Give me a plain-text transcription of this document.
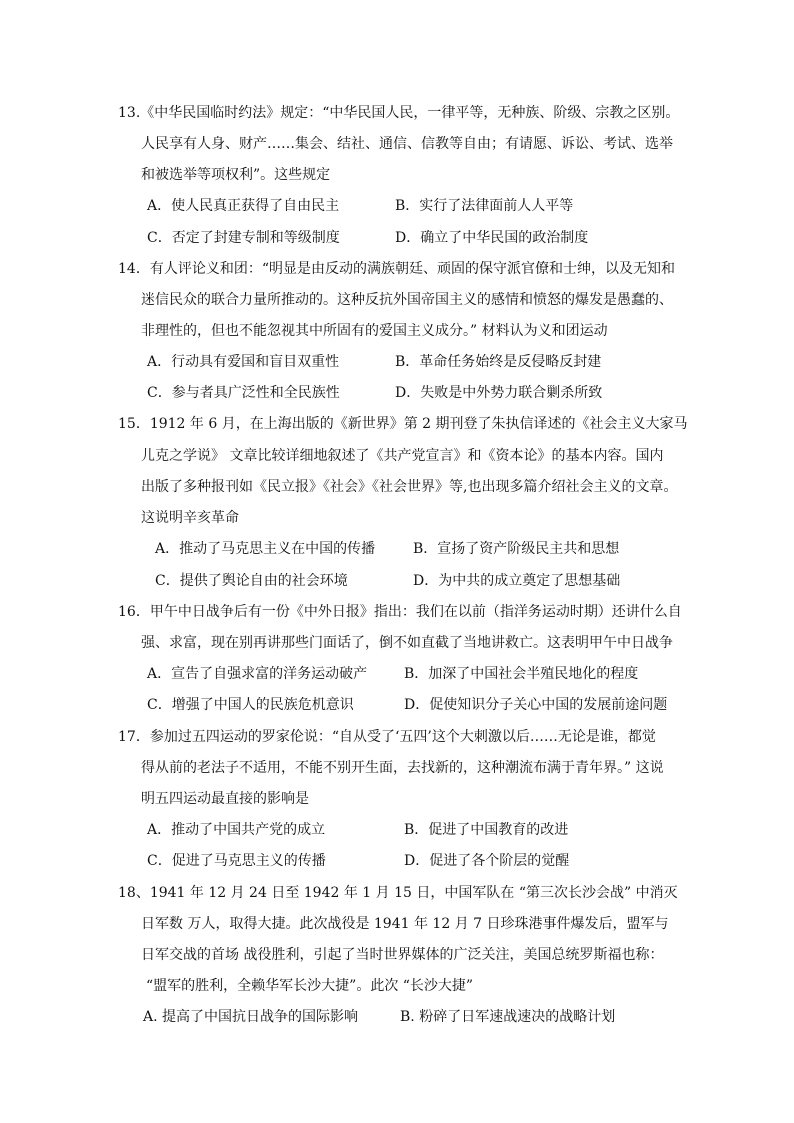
13.《中华民国临时约法》规定：“中华民国人民，一律平等，无种族、阶级、宗教之区别。
人民享有人身、财产……集会、结社、通信、信教等自由；有请愿、诉讼、考试、选举
和被选举等项权利”。这些规定
A．使人民真正获得了自由民主	B．实行了法律面前人人平等
C．否定了封建专制和等级制度	D．确立了中华民国的政治制度
14．有人评论义和团：“明显是由反动的满族朝廷、顽固的保守派官僚和士绅，以及无知和
迷信民众的联合力量所推动的。这种反抗外国帝国主义的感情和愤怒的爆发是愚蠢的、
非理性的，但也不能忽视其中所固有的爱国主义成分。” 材料认为义和团运动
A．行动具有爱国和盲目双重性	B．革命任务始终是反侵略反封建
C．参与者具广泛性和全民族性	D．失败是中外势力联合剿杀所致
15．1912 年 6 月，在上海出版的《新世界》第 2 期刊登了朱执信译述的《社会主义大家马
儿克之学说》 文章比较详细地叙述了《共产党宣言》和《资本论》的基本内容。国内
出版了多种报刊如《民立报》《社会》《社会世界》等,也出现多篇介绍社会主义的文章。
这说明辛亥革命
A．推动了马克思主义在中国的传播	B．宣扬了资产阶级民主共和思想
C．提供了舆论自由的社会环境	D．为中共的成立奠定了思想基础
16．甲午中日战争后有一份《中外日报》指出：我们在以前（指洋务运动时期）还讲什么自
强、求富，现在别再讲那些门面话了，倒不如直截了当地讲救亡。这表明甲午中日战争
A．宣告了自强求富的洋务运动破产	B．加深了中国社会半殖民地化的程度
C．增强了中国人的民族危机意识	D．促使知识分子关心中国的发展前途问题
17．参加过五四运动的罗家伦说：“自从受了‘五四’这个大刺激以后……无论是谁，都觉
得从前的老法子不适用，不能不别开生面，去找新的，这种潮流布满于青年界。” 这说
明五四运动最直接的影响是
A．推动了中国共产党的成立	B．促进了中国教育的改进
C．促进了马克思主义的传播	D．促进了各个阶层的觉醒
18、1941 年 12 月 24 日至 1942 年 1 月 15 日，中国军队在 “第三次长沙会战” 中消灭
日军数 万人，取得大捷。此次战役是 1941 年 12 月 7 日珍珠港事件爆发后，盟军与
日军交战的首场 战役胜利，引起了当时世界媒体的广泛关注，美国总统罗斯福也称：
“盟军的胜利，全赖华军长沙大捷”。此次 “长沙大捷”
A. 提高了中国抗日战争的国际影响	B. 粉碎了日军速战速决的战略计划
